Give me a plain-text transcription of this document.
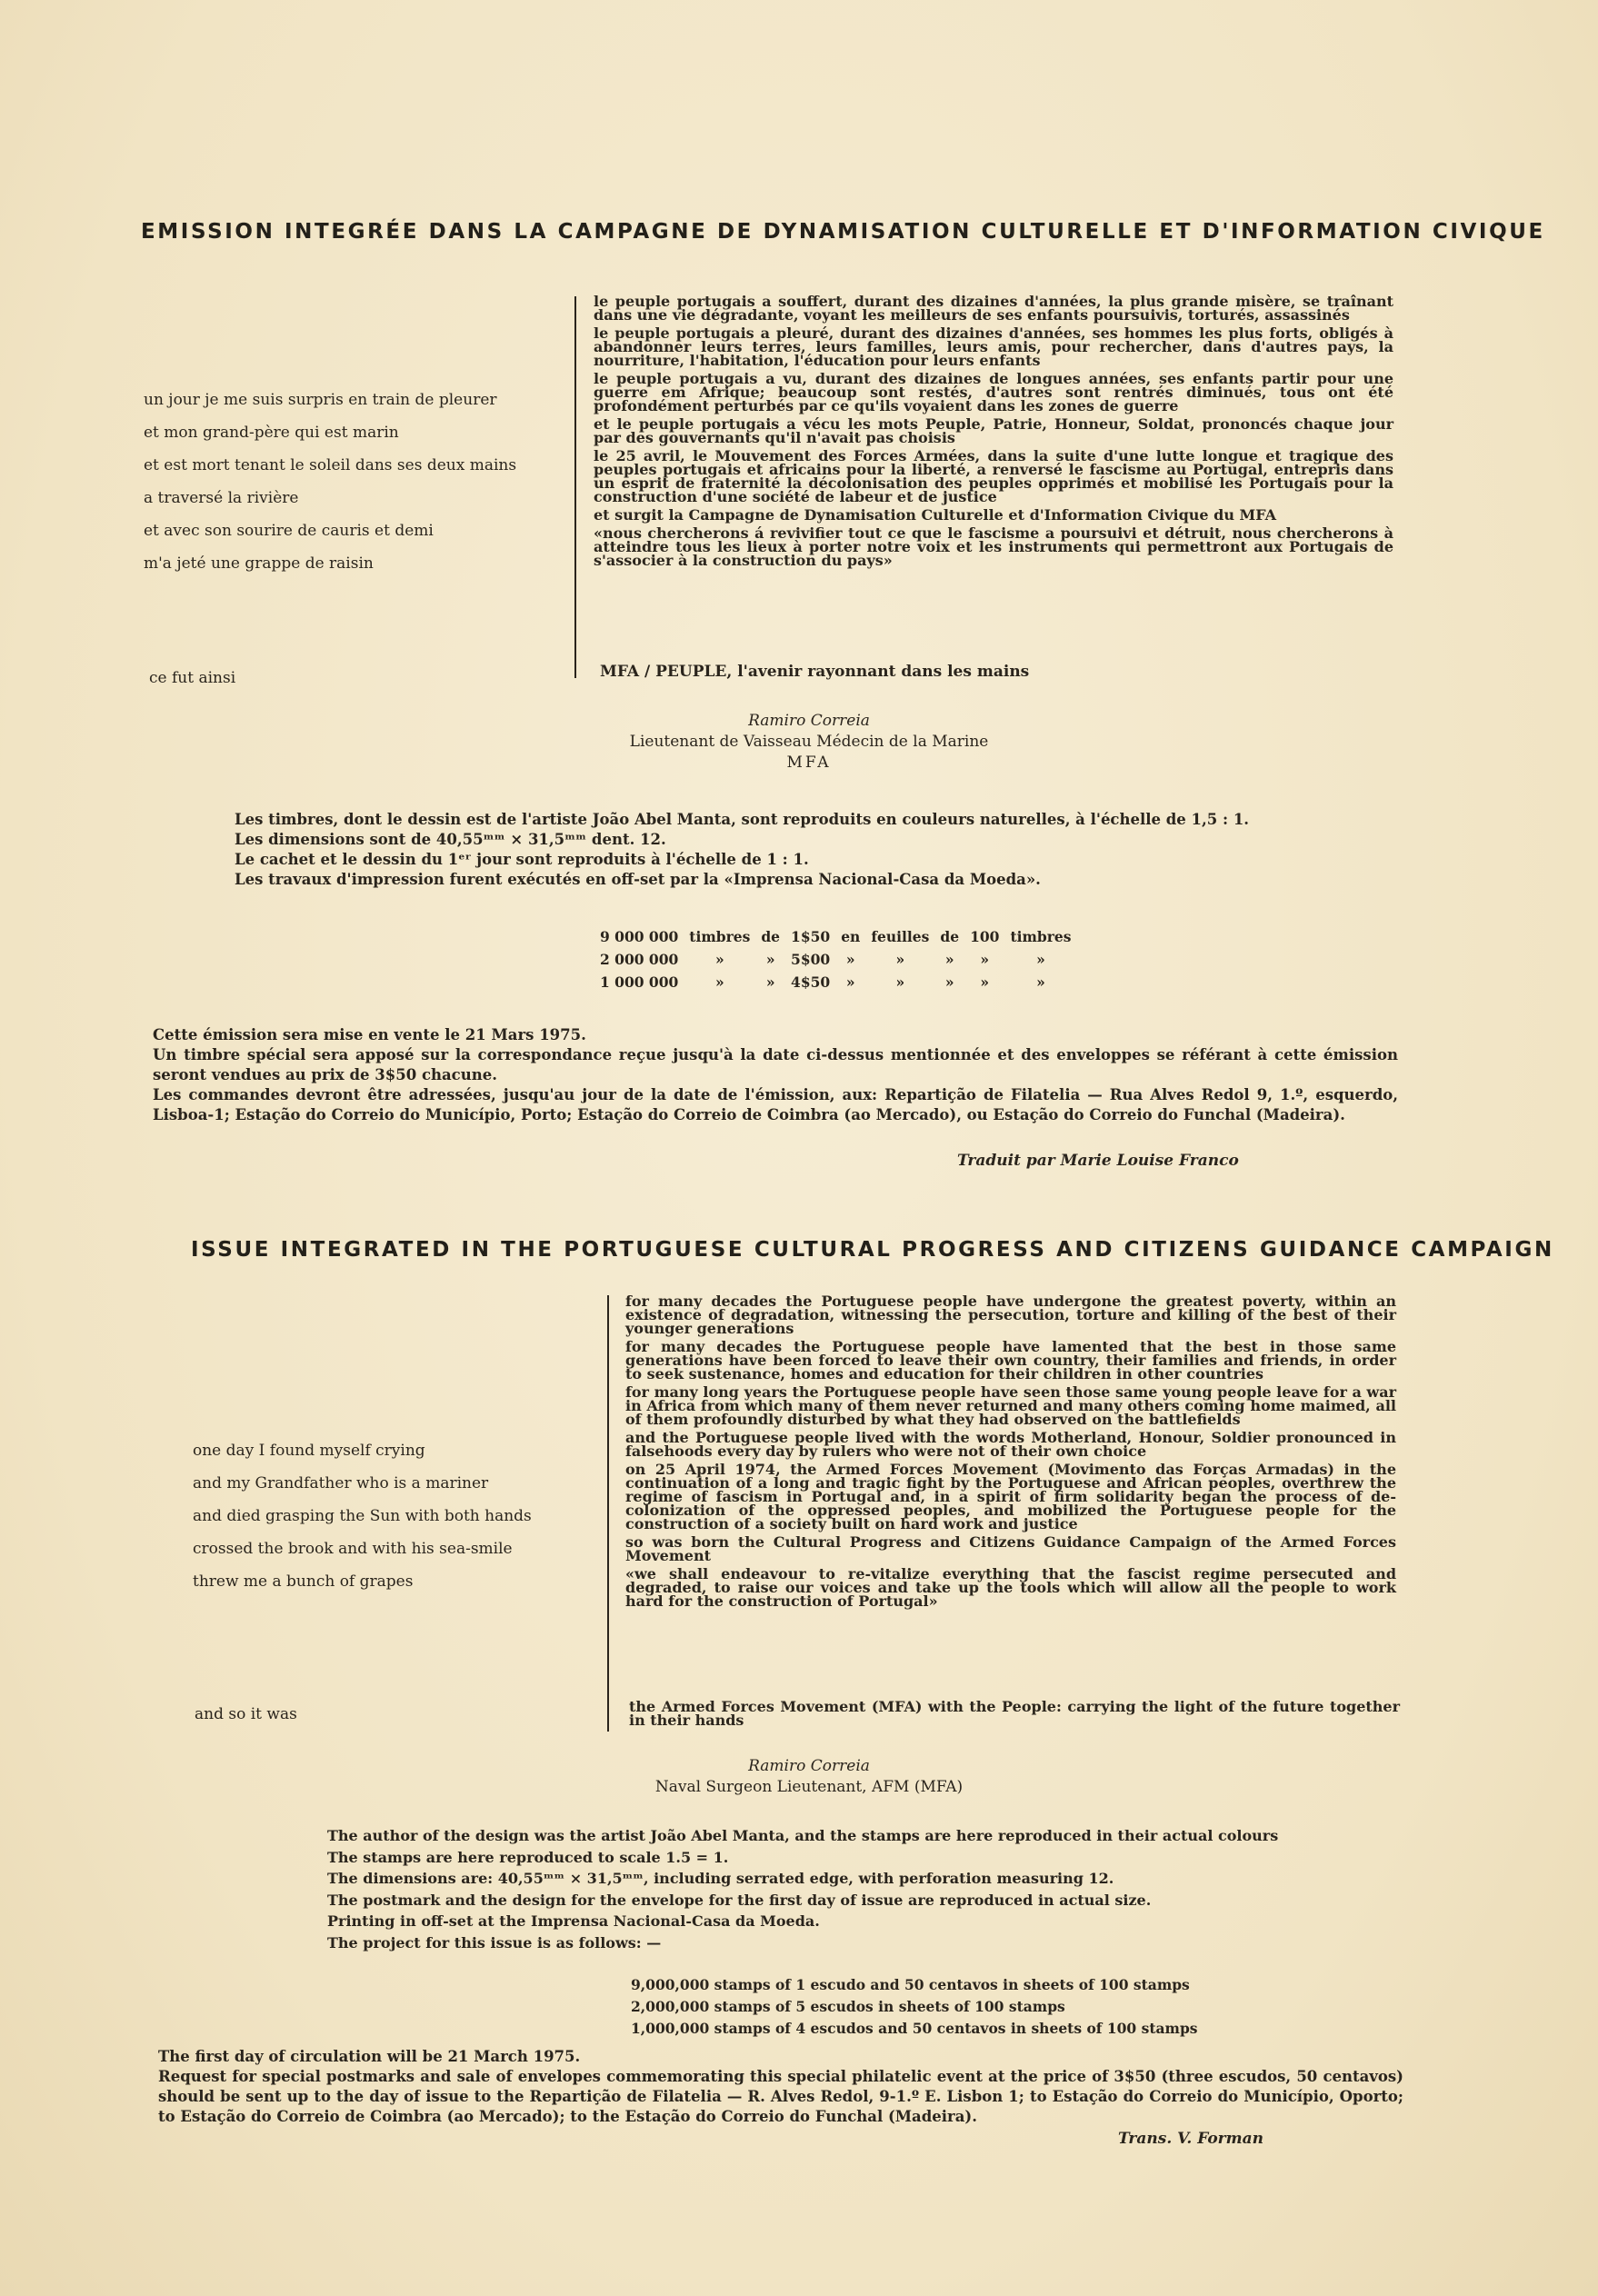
EMISSION INTEGRÉE DANS LA CAMPAGNE DE DYNAMISATION CULTURELLE ET D'INFORMATION CIVIQUE
un jour je me suis surpris en train de pleurer
et mon grand-père qui est marin
et est mort tenant le soleil dans ses deux mains
a traversé la rivière
et avec son sourire de cauris et demi
m'a jeté une grappe de raisin
ce fut ainsi

le peuple portugais a souffert, durant des dizaines d'années, la plus grande misère, se traînant dans une vie dégradante, voyant les meilleurs de ses enfants poursuivis, torturés, assassinés

le peuple portugais a pleuré, durant des dizaines d'années, ses hommes les plus forts, obligés à abandonner leurs terres, leurs familles, leurs amis, pour rechercher, dans d'autres pays, la nourriture, l'habitation, l'éducation pour leurs enfants

le peuple portugais a vu, durant des dizaines de longues années, ses enfants partir pour une guerre em Afrique; beaucoup sont restés, d'autres sont rentrés diminués, tous ont été profondément perturbés par ce qu'ils voyaient dans les zones de guerre

et le peuple portugais a vécu les mots Peuple, Patrie, Honneur, Soldat, prononcés chaque jour par des gouvernants qu'il n'avait pas choisis

le 25 avril, le Mouvement des Forces Armées, dans la suite d'une lutte longue et tragique des peuples portugais et africains pour la liberté, a renversé le fascisme au Portugal, entrepris dans un esprit de fraternité la décolonisation des peuples opprimés et mobilisé les Portugais pour la construction d'une société de labeur et de justice

et surgit la Campagne de Dynamisation Culturelle et d'Information Civique du MFA

«nous chercherons á revivifier tout ce que le fascisme a poursuivi et détruit, nous chercherons à atteindre tous les lieux à porter notre voix et les instruments qui permettront aux Portugais de s'associer à la construction du pays»

MFA / PEUPLE, l'avenir rayonnant dans les mains
Ramiro Correia
Lieutenant de Vaisseau Médecin de la Marine
MFA
Les timbres, dont le dessin est de l'artiste João Abel Manta, sont reproduits en couleurs naturelles, à l'échelle de 1,5 : 1.
Les dimensions sont de 40,55ᵐᵐ × 31,5ᵐᵐ dent. 12.
Le cachet et le dessin du 1ᵉʳ jour sont reproduits à l'échelle de 1 : 1.
Les travaux d'impression furent exécutés en off-set par la «Imprensa Nacional-Casa da Moeda».
9 000 000	timbres	de	1$50	en	feuilles	de	100	timbres
2 000 000	»	»	5$00	»	»	»	»	»
1 000 000	»	»	4$50	»	»	»	»	»
Cette émission sera mise en vente le 21 Mars 1975.
Un timbre spécial sera apposé sur la correspondance reçue jusqu'à la date ci-dessus mentionnée et des enveloppes se référant à cette émission seront vendues au prix de 3$50 chacune.
Les commandes devront être adressées, jusqu'au jour de la date de l'émission, aux: Repartição de Filatelia — Rua Alves Redol 9, 1.º, esquerdo, Lisboa-1; Estação do Correio do Município, Porto; Estação do Correio de Coimbra (ao Mercado), ou Estação do Correio do Funchal (Madeira).
Traduit par Marie Louise Franco
ISSUE INTEGRATED IN THE PORTUGUESE CULTURAL PROGRESS AND CITIZENS GUIDANCE CAMPAIGN
one day I found myself crying
and my Grandfather who is a mariner
and died grasping the Sun with both hands
crossed the brook and with his sea-smile
threw me a bunch of grapes
and so it was

for many decades the Portuguese people have undergone the greatest poverty, within an existence of degradation, witnessing the persecution, torture and killing of the best of their younger generations

for many decades the Portuguese people have lamented that the best in those same generations have been forced to leave their own country, their families and friends, in order to seek sustenance, homes and education for their children in other countries

for many long years the Portuguese people have seen those same young people leave for a war in Africa from which many of them never returned and many others coming home maimed, all of them profoundly disturbed by what they had observed on the battlefields

and the Portuguese people lived with the words Motherland, Honour, Soldier pronounced in falsehoods every day by rulers who were not of their own choice

on 25 April 1974, the Armed Forces Movement (Movimento das Forças Armadas) in the continuation of a long and tragic fight by the Portuguese and African peoples, overthrew the regime of fascism in Portugal and, in a spirit of firm solidarity began the process of de-colonization of the oppressed peoples, and mobilized the Portuguese people for the construction of a society built on hard work and justice

so was born the Cultural Progress and Citizens Guidance Campaign of the Armed Forces Movement

«we shall endeavour to re-vitalize everything that the fascist regime persecuted and degraded, to raise our voices and take up the tools which will allow all the people to work hard for the construction of Portugal»

the Armed Forces Movement (MFA) with the People: carrying the light of the future together in their hands

Ramiro Correia
Naval Surgeon Lieutenant, AFM (MFA)
The author of the design was the artist João Abel Manta, and the stamps are here reproduced in their actual colours
The stamps are here reproduced to scale 1.5 = 1.
The dimensions are: 40,55ᵐᵐ × 31,5ᵐᵐ, including serrated edge, with perforation measuring 12.
The postmark and the design for the envelope for the first day of issue are reproduced in actual size.
Printing in off-set at the Imprensa Nacional-Casa da Moeda.
The project for this issue is as follows: —
9,000,000 stamps of 1 escudo and 50 centavos in sheets of 100 stamps
2,000,000 stamps of 5 escudos in sheets of 100 stamps
1,000,000 stamps of 4 escudos and 50 centavos in sheets of 100 stamps
The first day of circulation will be 21 March 1975.
Request for special postmarks and sale of envelopes commemorating this special philatelic event at the price of 3$50 (three escudos, 50 centavos) should be sent up to the day of issue to the Repartição de Filatelia — R. Alves Redol, 9-1.º E. Lisbon 1; to Estação do Correio do Município, Oporto; to Estação do Correio de Coimbra (ao Mercado); to the Estação do Correio do Funchal (Madeira).
Trans. V. Forman
